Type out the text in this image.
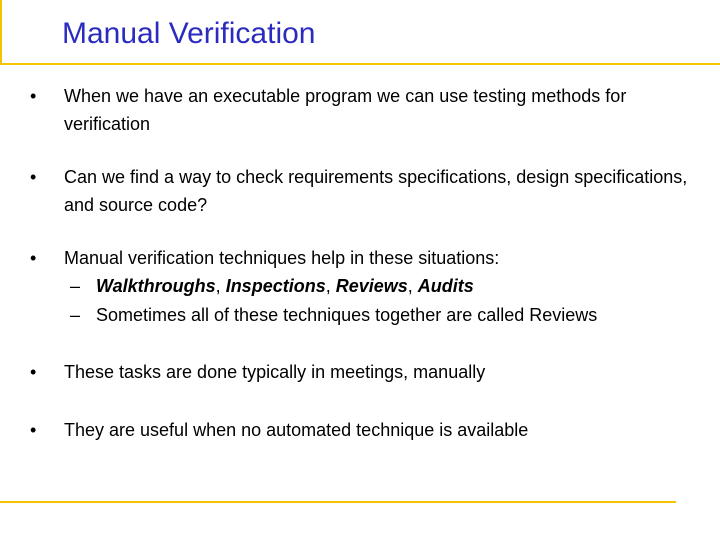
Manual Verification
•	When we have an executable program we can use testing methods for verification
•	Can we find a way to check requirements specifications, design specifications, and source code?
•	Manual verification techniques help in these situations:
– Walkthroughs, Inspections, Reviews, Audits
– Sometimes all of these techniques together are called Reviews
•	These tasks are done typically in meetings, manually
•	They are useful when no automated technique is available
